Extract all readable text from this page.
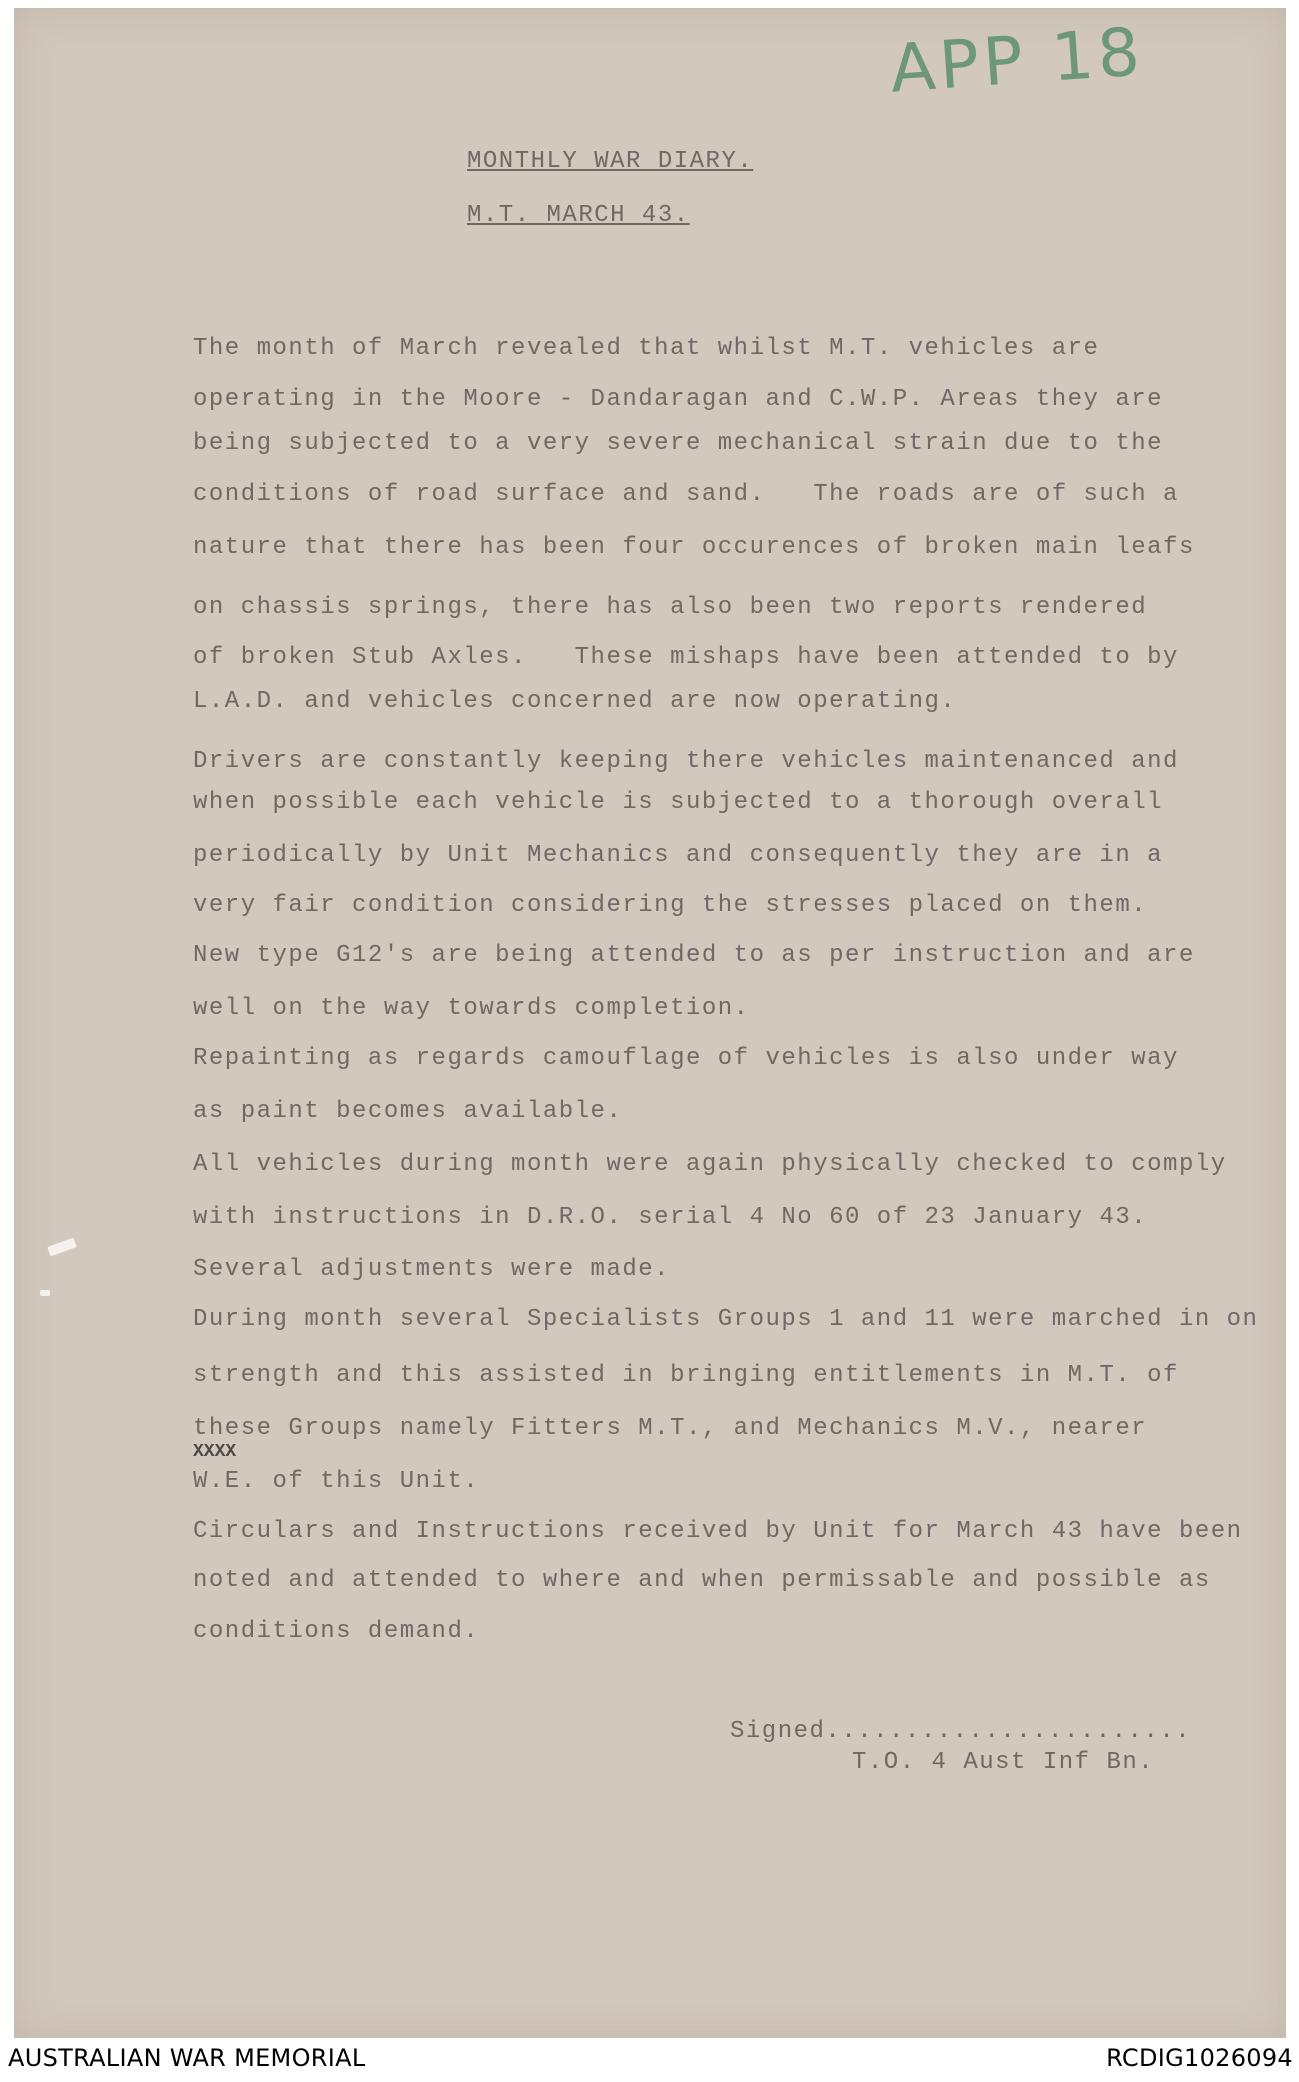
APP 18
MONTHLY WAR DIARY.
M.T. MARCH 43.
The month of March revealed that whilst M.T. vehicles are
operating in the Moore - Dandaragan and C.W.P. Areas they are
being subjected to a very severe mechanical strain due to the
conditions of road surface and sand.   The roads are of such a
nature that there has been four occurences of broken main leafs
on chassis springs, there has also been two reports rendered
of broken Stub Axles.   These mishaps have been attended to by
L.A.D. and vehicles concerned are now operating.
Drivers are constantly keeping there vehicles maintenanced and
when possible each vehicle is subjected to a thorough overall
periodically by Unit Mechanics and consequently they are in a
very fair condition considering the stresses placed on them.
New type G12's are being attended to as per instruction and are
well on the way towards completion.
Repainting as regards camouflage of vehicles is also under way
as paint becomes available.
All vehicles during month were again physically checked to comply
with instructions in D.R.O. serial 4 No 60 of 23 January 43.
Several adjustments were made.
During month several Specialists Groups 1 and 11 were marched in on
strength and this assisted in bringing entitlements in M.T. of
these Groups namely Fitters M.T., and Mechanics M.V., nearer
XXXX
W.E. of this Unit.
Circulars and Instructions received by Unit for March 43 have been
noted and attended to where and when permissable and possible as
conditions demand.
Signed.......................
T.O. 4 Aust Inf Bn.
AUSTRALIAN WAR MEMORIAL	RCDIG1026094
